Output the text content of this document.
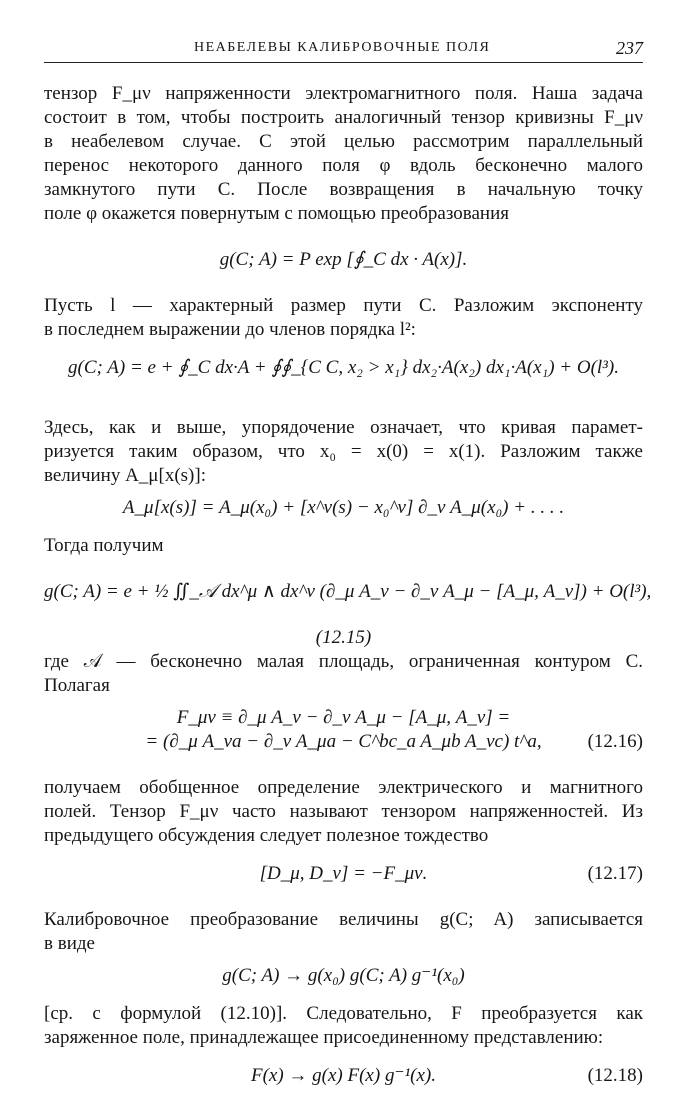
НЕАБЕЛЕВЫ КАЛИБРОВОЧНЫЕ ПОЛЯ	237

тензор F_μν напряженности электромагнитного поля. Наша задача

состоит в том, чтобы построить аналогичный тензор кривизны F_μν

в неабелевом случае. С этой целью рассмотрим параллельный

перенос некоторого данного поля φ вдоль бесконечно малого

замкнутого пути C. После возвращения в начальную точку

поле φ окажется повернутым с помощью преобразования

g(C; A) = P exp [∮_C dx · A(x)].

Пусть l — характерный размер пути C. Разложим экспоненту

в последнем выражении до членов порядка l²:

g(C; A) = e + ∮_C dx·A + ∮∮_{C C, x₂ > x₁} dx₂·A(x₂) dx₁·A(x₁) + O(l³).

Здесь, как и выше, упорядочение означает, что кривая парамет-

ризуется таким образом, что x₀ = x(0) = x(1). Разложим также

величину A_μ[x(s)]:

A_μ[x(s)] = A_μ(x₀) + [x^ν(s) − x₀^ν] ∂_ν A_μ(x₀) + . . . .

Тогда получим

g(C; A) = e + ½ ∬_𝒜 dx^μ ∧ dx^ν (∂_μ A_ν − ∂_ν A_μ − [A_μ, A_ν]) + O(l³),
(12.15)

где 𝒜 — бесконечно малая площадь, ограниченная контуром C.

Полагая

F_μν ≡ ∂_μ A_ν − ∂_ν A_μ − [A_μ, A_ν] =
= (∂_μ A_νa − ∂_ν A_μa − C^bc_a A_μb A_νc) t^a, (12.16)

получаем обобщенное определение электрического и магнитного

полей. Тензор F_μν часто называют тензором напряженностей. Из

предыдущего обсуждения следует полезное тождество

[D_μ, D_ν] = −F_μν.	(12.17)

Калибровочное преобразование величины g(C; A) записывается

в виде

g(C; A) → g(x₀) g(C; A) g⁻¹(x₀)

[ср. с формулой (12.10)]. Следовательно, F преобразуется как

заряженное поле, принадлежащее присоединенному представлению:

F(x) → g(x) F(x) g⁻¹(x).	(12.18)
